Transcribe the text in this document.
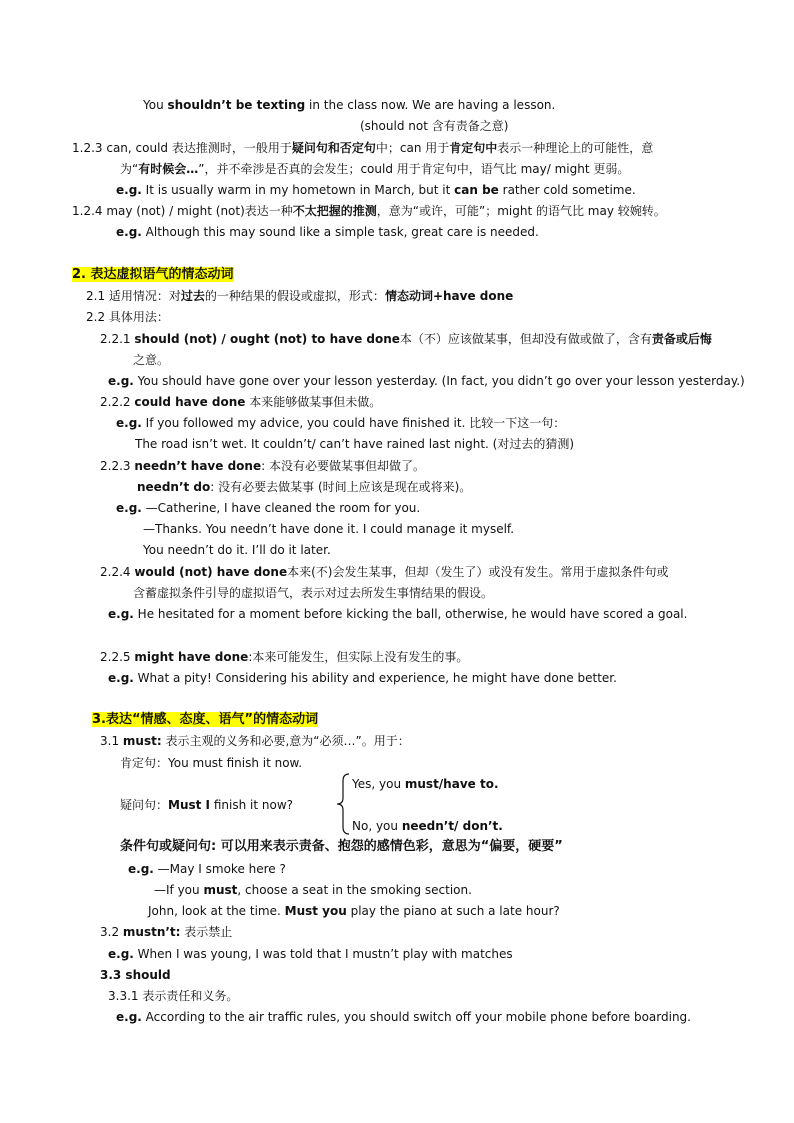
You shouldn’t be texting in the class now. We are having a lesson.
(should not 含有责备之意)
1.2.3 can, could 表达推测时，一般用于疑问句和否定句中；can 用于肯定句中表示一种理论上的可能性，意
为“有时候会…”，并不牵涉是否真的会发生；could 用于肯定句中，语气比 may/ might 更弱。
e.g. It is usually warm in my hometown in March, but it can be rather cold sometime.
1.2.4 may (not) / might (not)表达一种不太把握的推测，意为“或许，可能”；might 的语气比 may 较婉转。
e.g. Although this may sound like a simple task, great care is needed.
2. 表达虚拟语气的情态动词
2.1 适用情况：对过去的一种结果的假设或虚拟，形式：情态动词+have done
2.2 具体用法：
2.2.1 should (not) / ought (not) to have done本（不）应该做某事，但却没有做或做了，含有责备或后悔
之意。
e.g. You should have gone over your lesson yesterday. (In fact, you didn’t go over your lesson yesterday.)
2.2.2 could have done 本来能够做某事但未做。
e.g. If you followed my advice, you could have finished it. 比较一下这一句：
The road isn’t wet. It couldn’t/ can’t have rained last night. (对过去的猜测)
2.2.3 needn’t have done: 本没有必要做某事但却做了。
needn’t do: 没有必要去做某事 (时间上应该是现在或将来)。
e.g. —Catherine, I have cleaned the room for you.
—Thanks. You needn’t have done it. I could manage it myself.
You needn’t do it. I’ll do it later.
2.2.4 would (not) have done本来(不)会发生某事，但却（发生了）或没有发生。常用于虚拟条件句或
含蓄虚拟条件引导的虚拟语气，表示对过去所发生事情结果的假设。
e.g. He hesitated for a moment before kicking the ball, otherwise, he would have scored a goal.
2.2.5 might have done:本来可能发生，但实际上没有发生的事。
e.g. What a pity! Considering his ability and experience, he might have done better.
3.表达“情感、态度、语气”的情态动词
3.1 must: 表示主观的义务和必要,意为“必须…”。用于：
肯定句：You must finish it now.
Yes, you must/have to.
疑问句：Must I finish it now?
No, you needn’t/ don’t.
条件句或疑问句: 可以用来表示责备、抱怨的感情色彩，意思为“偏要，硬要”
e.g. —May I smoke here ?
—If you must, choose a seat in the smoking section.
John, look at the time. Must you play the piano at such a late hour?
3.2 mustn’t: 表示禁止
e.g. When I was young, I was told that I mustn’t play with matches
3.3 should
3.3.1 表示责任和义务。
e.g. According to the air traffic rules, you should switch off your mobile phone before boarding.
